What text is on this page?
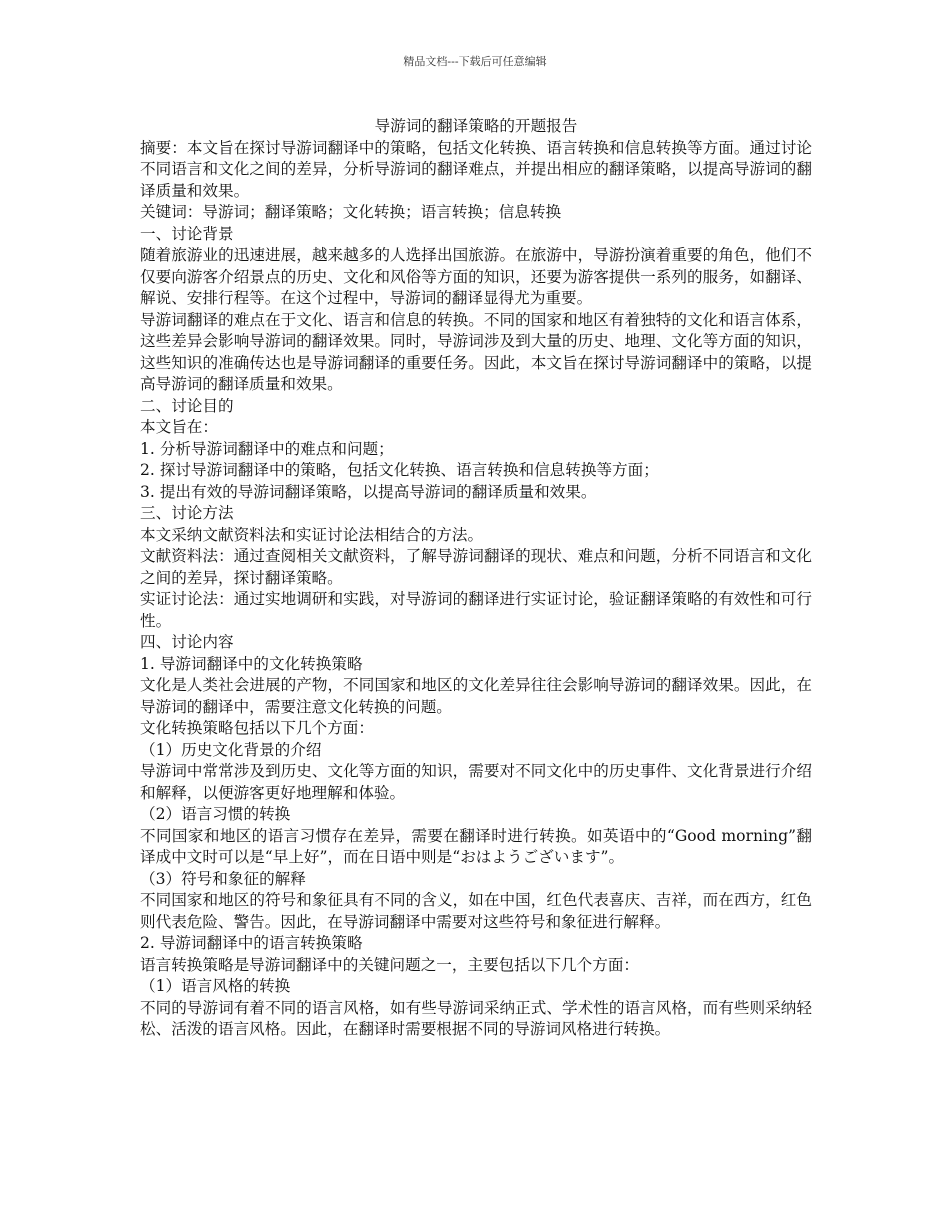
精品文档---下载后可任意编辑

导游词的翻译策略的开题报告

摘要：本文旨在探讨导游词翻译中的策略，包括文化转换、语言转换和信息转换等方面。通过讨论不同语言和文化之间的差异，分析导游词的翻译难点，并提出相应的翻译策略，以提高导游词的翻译质量和效果。

关键词：导游词；翻译策略；文化转换；语言转换；信息转换

一、讨论背景

随着旅游业的迅速进展，越来越多的人选择出国旅游。在旅游中，导游扮演着重要的角色，他们不仅要向游客介绍景点的历史、文化和风俗等方面的知识，还要为游客提供一系列的服务，如翻译、解说、安排行程等。在这个过程中，导游词的翻译显得尤为重要。

导游词翻译的难点在于文化、语言和信息的转换。不同的国家和地区有着独特的文化和语言体系，这些差异会影响导游词的翻译效果。同时，导游词涉及到大量的历史、地理、文化等方面的知识，这些知识的准确传达也是导游词翻译的重要任务。因此，本文旨在探讨导游词翻译中的策略，以提高导游词的翻译质量和效果。

二、讨论目的

本文旨在：

1. 分析导游词翻译中的难点和问题；

2. 探讨导游词翻译中的策略，包括文化转换、语言转换和信息转换等方面；

3. 提出有效的导游词翻译策略，以提高导游词的翻译质量和效果。

三、讨论方法

本文采纳文献资料法和实证讨论法相结合的方法。

文献资料法：通过查阅相关文献资料，了解导游词翻译的现状、难点和问题，分析不同语言和文化之间的差异，探讨翻译策略。

实证讨论法：通过实地调研和实践，对导游词的翻译进行实证讨论，验证翻译策略的有效性和可行性。

四、讨论内容

1. 导游词翻译中的文化转换策略

文化是人类社会进展的产物，不同国家和地区的文化差异往往会影响导游词的翻译效果。因此，在导游词的翻译中，需要注意文化转换的问题。

文化转换策略包括以下几个方面：

（1）历史文化背景的介绍

导游词中常常涉及到历史、文化等方面的知识，需要对不同文化中的历史事件、文化背景进行介绍和解释，以便游客更好地理解和体验。

（2）语言习惯的转换

不同国家和地区的语言习惯存在差异，需要在翻译时进行转换。如英语中的“Good morning”翻译成中文时可以是“早上好”，而在日语中则是“おはようございます”。

（3）符号和象征的解释

不同国家和地区的符号和象征具有不同的含义，如在中国，红色代表喜庆、吉祥，而在西方，红色则代表危险、警告。因此，在导游词翻译中需要对这些符号和象征进行解释。

2. 导游词翻译中的语言转换策略

语言转换策略是导游词翻译中的关键问题之一，主要包括以下几个方面：

（1）语言风格的转换

不同的导游词有着不同的语言风格，如有些导游词采纳正式、学术性的语言风格，而有些则采纳轻松、活泼的语言风格。因此，在翻译时需要根据不同的导游词风格进行转换。
